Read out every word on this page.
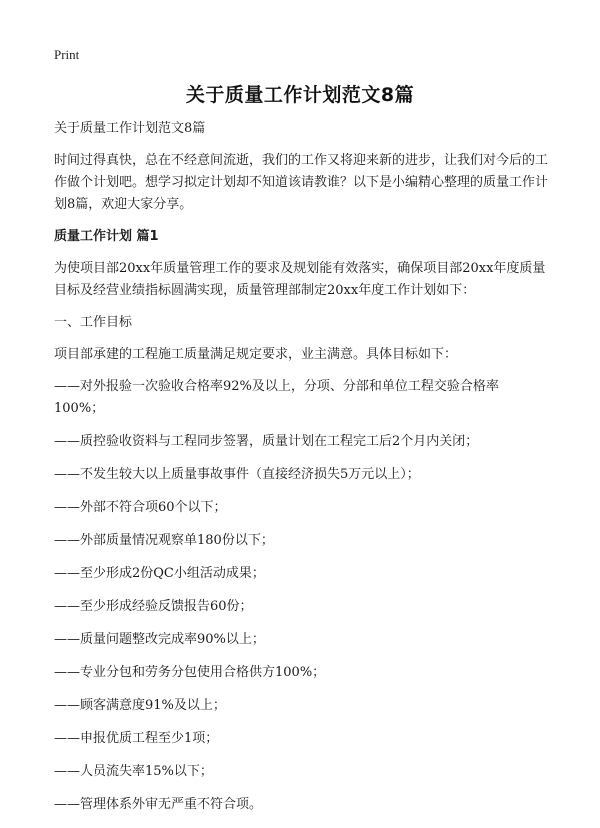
Print
关于质量工作计划范文8篇

关于质量工作计划范文8篇

时间过得真快，总在不经意间流逝，我们的工作又将迎来新的进步，让我们对今后的工作做个计划吧。想学习拟定计划却不知道该请教谁？以下是小编精心整理的质量工作计划8篇，欢迎大家分享。

质量工作计划 篇1

为使项目部20xx年质量管理工作的要求及规划能有效落实，确保项目部20xx年度质量目标及经营业绩指标圆满实现，质量管理部制定20xx年度工作计划如下：

一、工作目标

项目部承建的工程施工质量满足规定要求，业主满意。具体目标如下：

——对外报验一次验收合格率92%及以上，分项、分部和单位工程交验合格率100%；

——质控验收资料与工程同步签署，质量计划在工程完工后2个月内关闭；

——不发生较大以上质量事故事件（直接经济损失5万元以上）；

——外部不符合项60个以下；

——外部质量情况观察单180份以下；

——至少形成2份QC小组活动成果；

——至少形成经验反馈报告60份；

——质量问题整改完成率90%以上；

——专业分包和劳务分包使用合格供方100%；

——顾客满意度91%及以上；

——申报优质工程至少1项；

——人员流失率15%以下；

——管理体系外审无严重不符合项。
